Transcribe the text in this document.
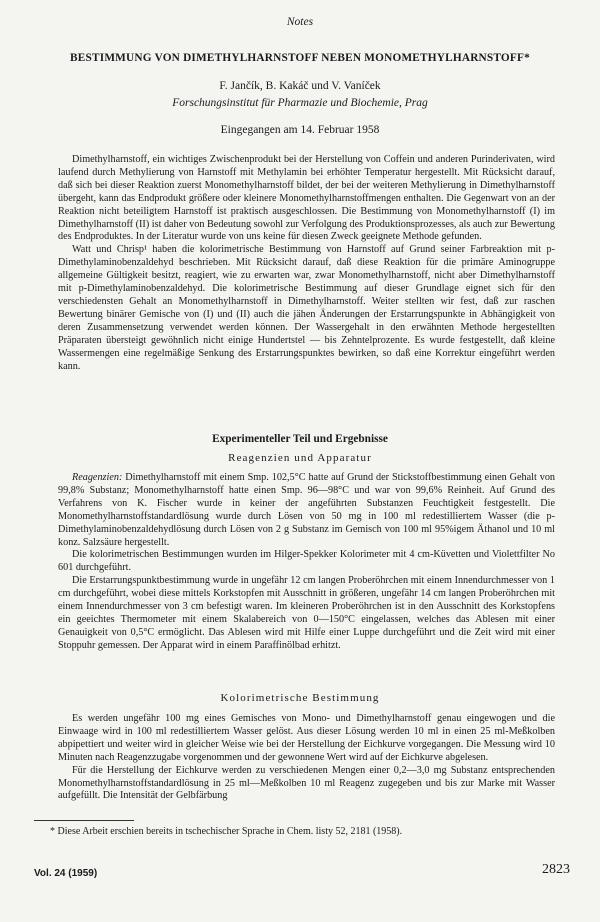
Notes
BESTIMMUNG VON DIMETHYLHARNSTOFF NEBEN MONOMETHYLHARNSTOFF*
F. Jančík, B. Kakáč und V. Vaníček
Forschungsinstitut für Pharmazie und Biochemie, Prag
Eingegangen am 14. Februar 1958

Dimethylharnstoff, ein wichtiges Zwischenprodukt bei der Herstellung von Coffein und anderen Purinderivaten, wird laufend durch Methylierung von Harnstoff mit Methylamin bei erhöhter Temperatur hergestellt. Mit Rücksicht darauf, daß sich bei dieser Reaktion zuerst Monomethylharnstoff bildet, der bei der weiteren Methylierung in Dimethylharnstoff übergeht, kann das Endprodukt größere oder kleinere Monomethylharnstoffmengen enthalten. Die Gegenwart von an der Reaktion nicht beteiligtem Harnstoff ist praktisch ausgeschlossen. Die Bestimmung von Monomethylharnstoff (I) im Dimethylharnstoff (II) ist daher von Bedeutung sowohl zur Verfolgung des Produktionsprozesses, als auch zur Bewertung des Endproduktes. In der Literatur wurde von uns keine für diesen Zweck geeignete Methode gefunden.

Watt und Chrisp¹ haben die kolorimetrische Bestimmung von Harnstoff auf Grund seiner Farbreaktion mit p-Dimethylaminobenzaldehyd beschrieben. Mit Rücksicht darauf, daß diese Reaktion für die primäre Aminogruppe allgemeine Gültigkeit besitzt, reagiert, wie zu erwarten war, zwar Monomethylharnstoff, nicht aber Dimethylharnstoff mit p-Dimethylaminobenzaldehyd. Die kolorimetrische Bestimmung auf dieser Grundlage eignet sich für den verschiedensten Gehalt an Monomethylharnstoff in Dimethylharnstoff. Weiter stellten wir fest, daß zur raschen Bewertung binärer Gemische von (I) und (II) auch die jähen Änderungen der Erstarrungspunkte in Abhängigkeit von deren Zusammensetzung verwendet werden können. Der Wassergehalt in den erwähnten Methode hergestellten Präparaten übersteigt gewöhnlich nicht einige Hundertstel — bis Zehntelprozente. Es wurde festgestellt, daß kleine Wassermengen eine regelmäßige Senkung des Erstarrungspunktes bewirken, so daß eine Korrektur eingeführt werden kann.

Experimenteller Teil und Ergebnisse
Reagenzien und Apparatur

Reagenzien: Dimethylharnstoff mit einem Smp. 102,5°C hatte auf Grund der Stickstoffbestimmung einen Gehalt von 99,8% Substanz; Monomethylharnstoff hatte einen Smp. 96—98°C und war von 99,6% Reinheit. Auf Grund des Verfahrens von K. Fischer wurde in keiner der angeführten Substanzen Feuchtigkeit festgestellt. Die Monomethylharnstoffstandardlösung wurde durch Lösen von 50 mg in 100 ml redestilliertem Wasser (die p-Dimethylaminobenzaldehydlösung durch Lösen von 2 g Substanz im Gemisch von 100 ml 95%igem Äthanol und 10 ml konz. Salzsäure hergestellt.

Die kolorimetrischen Bestimmungen wurden im Hilger-Spekker Kolorimeter mit 4 cm-Küvetten und Violettfilter No 601 durchgeführt.

Die Erstarrungspunktbestimmung wurde in ungefähr 12 cm langen Proberöhrchen mit einem Innendurchmesser von 1 cm durchgeführt, wobei diese mittels Korkstopfen mit Ausschnitt in größeren, ungefähr 14 cm langen Proberöhrchen mit einem Innendurchmesser von 3 cm befestigt waren. Im kleineren Proberöhrchen ist in den Ausschnitt des Korkstopfens ein geeichtes Thermometer mit einem Skalabereich von 0—150°C eingelassen, welches das Ablesen mit einer Genauigkeit von 0,5°C ermöglicht. Das Ablesen wird mit Hilfe einer Luppe durchgeführt und die Zeit wird mit einer Stoppuhr gemessen. Der Apparat wird in einem Paraffinölbad erhitzt.

Kolorimetrische Bestimmung

Es werden ungefähr 100 mg eines Gemisches von Mono- und Dimethylharnstoff genau eingewogen und die Einwaage wird in 100 ml redestilliertem Wasser gelöst. Aus dieser Lösung werden 10 ml in einen 25 ml-Meßkolben abpipettiert und weiter wird in gleicher Weise wie bei der Herstellung der Eichkurve vorgegangen. Die Messung wird 10 Minuten nach Reagenzzugabe vorgenommen und der gewonnene Wert wird auf der Eichkurve abgelesen.

Für die Herstellung der Eichkurve werden zu verschiedenen Mengen einer 0,2—3,0 mg Substanz entsprechenden Monomethylharnstoffstandardlösung in 25 ml—Meßkolben 10 ml Reagenz zugegeben und bis zur Marke mit Wasser aufgefüllt. Die Intensität der Gelbfärbung

* Diese Arbeit erschien bereits in tschechischer Sprache in Chem. listy 52, 2181 (1958).
Vol. 24 (1959)	2823
